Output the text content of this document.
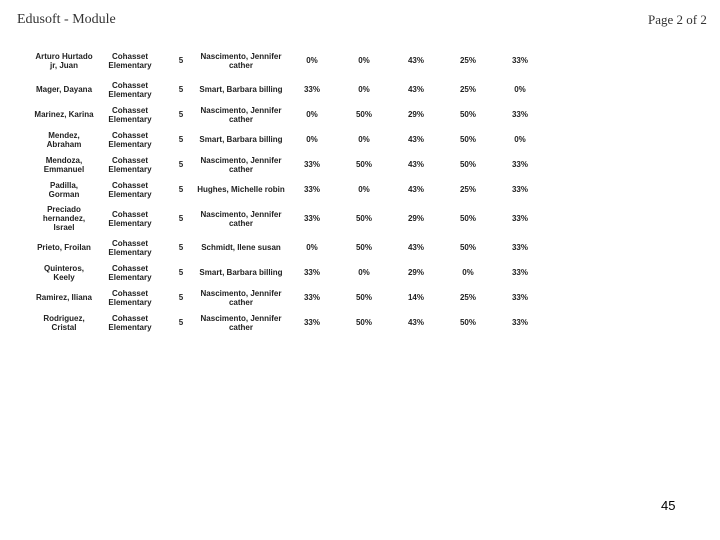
Edusoft - Module	Page 2 of 2
Arturo Hurtado jr, Juan	Cohasset Elementary	5	Nascimento, Jennifer cather	0%	0%	43%	25%	33%
Mager, Dayana	Cohasset Elementary	5	Smart, Barbara billing	33%	0%	43%	25%	0%
Marinez, Karina	Cohasset Elementary	5	Nascimento, Jennifer cather	0%	50%	29%	50%	33%
Mendez, Abraham	Cohasset Elementary	5	Smart, Barbara billing	0%	0%	43%	50%	0%
Mendoza, Emmanuel	Cohasset Elementary	5	Nascimento, Jennifer cather	33%	50%	43%	50%	33%
Padilla, Gorman	Cohasset Elementary	5	Hughes, Michelle robin	33%	0%	43%	25%	33%
Preciado hernandez, Israel	Cohasset Elementary	5	Nascimento, Jennifer cather	33%	50%	29%	50%	33%
Prieto, Froilan	Cohasset Elementary	5	Schmidt, Ilene susan	0%	50%	43%	50%	33%
Quinteros, Keely	Cohasset Elementary	5	Smart, Barbara billing	33%	0%	29%	0%	33%
Ramirez, Iliana	Cohasset Elementary	5	Nascimento, Jennifer cather	33%	50%	14%	25%	33%
Rodriguez, Cristal	Cohasset Elementary	5	Nascimento, Jennifer cather	33%	50%	43%	50%	33%
45
